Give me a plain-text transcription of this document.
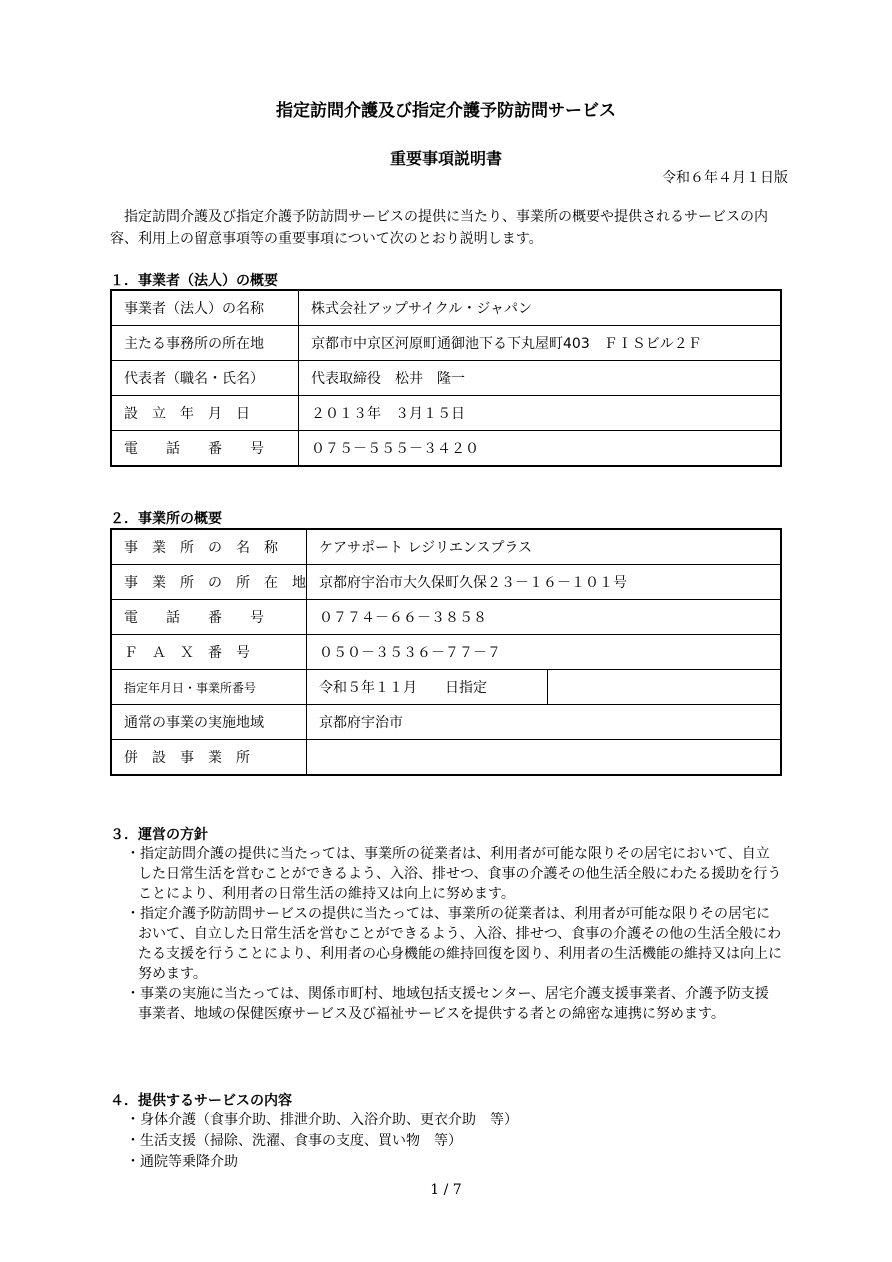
指定訪問介護及び指定介護予防訪問サービス
重要事項説明書
令和６年４月１日版
指定訪問介護及び指定介護予防訪問サービスの提供に当たり、事業所の概要や提供されるサービスの内容、利用上の留意事項等の重要事項について次のとおり説明します。
１．事業者（法人）の概要
事業者（法人）の名称	株式会社アップサイクル・ジャパン
主たる事務所の所在地	京都市中京区河原町通御池下る下丸屋町403　ＦＩＳビル２Ｆ
代表者（職名・氏名）	代表取締役　松井　隆一
設　立　年　月　日	２０１３年　３月１５日
電　　話　　番　　号	０７５－５５５－３４２０
２．事業所の概要
事　業　所　の　名　称	ケアサポート レジリエンスプラス	
事　業　所　の　所　在　地	京都府宇治市大久保町久保２３－１６－１０１号	
電　　話　　番　　号	０７７４－６６－３８５８	
Ｆ　Ａ　Ｘ　番　号	０５０－３５３６－７７－７	
指定年月日・事業所番号	令和５年１１月　　日指定	
通常の事業の実施地域	京都府宇治市	
併　設　事　業　所		
３．運営の方針

・指定訪問介護の提供に当たっては、事業所の従業者は、利用者が可能な限りその居宅において、自立した日常生活を営むことができるよう、入浴、排せつ、食事の介護その他生活全般にわたる援助を行うことにより、利用者の日常生活の維持又は向上に努めます。

・指定介護予防訪問サービスの提供に当たっては、事業所の従業者は、利用者が可能な限りその居宅において、自立した日常生活を営むことができるよう、入浴、排せつ、食事の介護その他の生活全般にわたる支援を行うことにより、利用者の心身機能の維持回復を図り、利用者の生活機能の維持又は向上に努めます。

・事業の実施に当たっては、関係市町村、地域包括支援センター、居宅介護支援事業者、介護予防支援事業者、地域の保健医療サービス及び福祉サービスを提供する者との綿密な連携に努めます。

４．提供するサービスの内容

・身体介護（食事介助、排泄介助、入浴介助、更衣介助　等）

・生活支援（掃除、洗濯、食事の支度、買い物　等）

・通院等乗降介助

1 / 7
